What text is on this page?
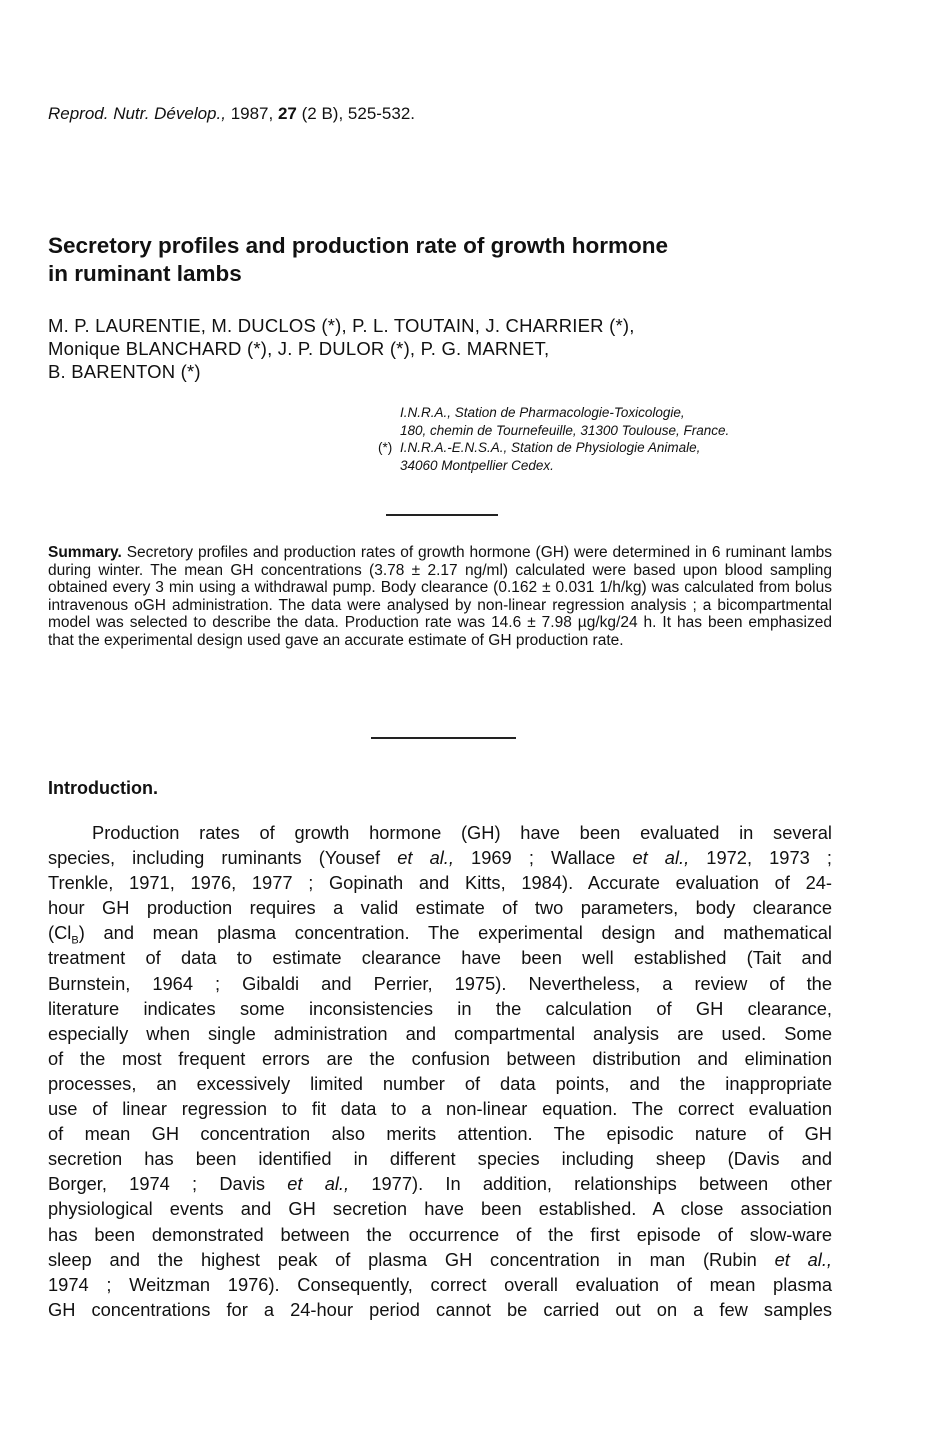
Reprod. Nutr. Dévelop., 1987, 27 (2 B), 525-532.
Secretory profiles and production rate of growth hormone
in ruminant lambs
M. P. LAURENTIE, M. DUCLOS (*), P. L. TOUTAIN, J. CHARRIER (*),
Monique BLANCHARD (*), J. P. DULOR (*), P. G. MARNET,
B. BARENTON (*)
I.N.R.A., Station de Pharmacologie-Toxicologie,
180, chemin de Tournefeuille, 31300 Toulouse, France.
(*) I.N.R.A.-E.N.S.A., Station de Physiologie Animale,
34060 Montpellier Cedex.
Summary. Secretory profiles and production rates of growth hormone (GH) were determined in 6 ruminant lambs during winter. The mean GH concentrations (3.78 ± 2.17 ng/ml) calculated were based upon blood sampling obtained every 3 min using a withdrawal pump. Body clearance (0.162 ± 0.031 1/h/kg) was calculated from bolus intravenous oGH administration. The data were analysed by non-linear regression analysis ; a bicompartmental model was selected to describe the data. Production rate was 14.6 ± 7.98 µg/kg/24 h. It has been emphasized that the experimental design used gave an accurate estimate of GH production rate.
Introduction.
Production rates of growth hormone (GH) have been evaluated in several
species, including ruminants (Yousef et al., 1969 ; Wallace et al., 1972, 1973 ;
Trenkle, 1971, 1976, 1977 ; Gopinath and Kitts, 1984). Accurate evaluation of 24-
hour GH production requires a valid estimate of two parameters, body clearance
$(Cl_B)$ and mean plasma concentration. The experimental design and mathematical
treatment of data to estimate clearance have been well established (Tait and
Burnstein, 1964 ; Gibaldi and Perrier, 1975). Nevertheless, a review of the
literature indicates some inconsistencies in the calculation of GH clearance,
especially when single administration and compartmental analysis are used. Some
of the most frequent errors are the confusion between distribution and elimination
processes, an excessively limited number of data points, and the inappropriate
use of linear regression to fit data to a non-linear equation. The correct evaluation
of mean GH concentration also merits attention. The episodic nature of GH
secretion has been identified in different species including sheep (Davis and
Borger, 1974 ; Davis et al., 1977). In addition, relationships between other
physiological events and GH secretion have been established. A close association
has been demonstrated between the occurrence of the first episode of slow-ware
sleep and the highest peak of plasma GH concentration in man (Rubin et al.,
1974 ; Weitzman 1976). Consequently, correct overall evaluation of mean plasma
GH concentrations for a 24-hour period cannot be carried out on a few samples
